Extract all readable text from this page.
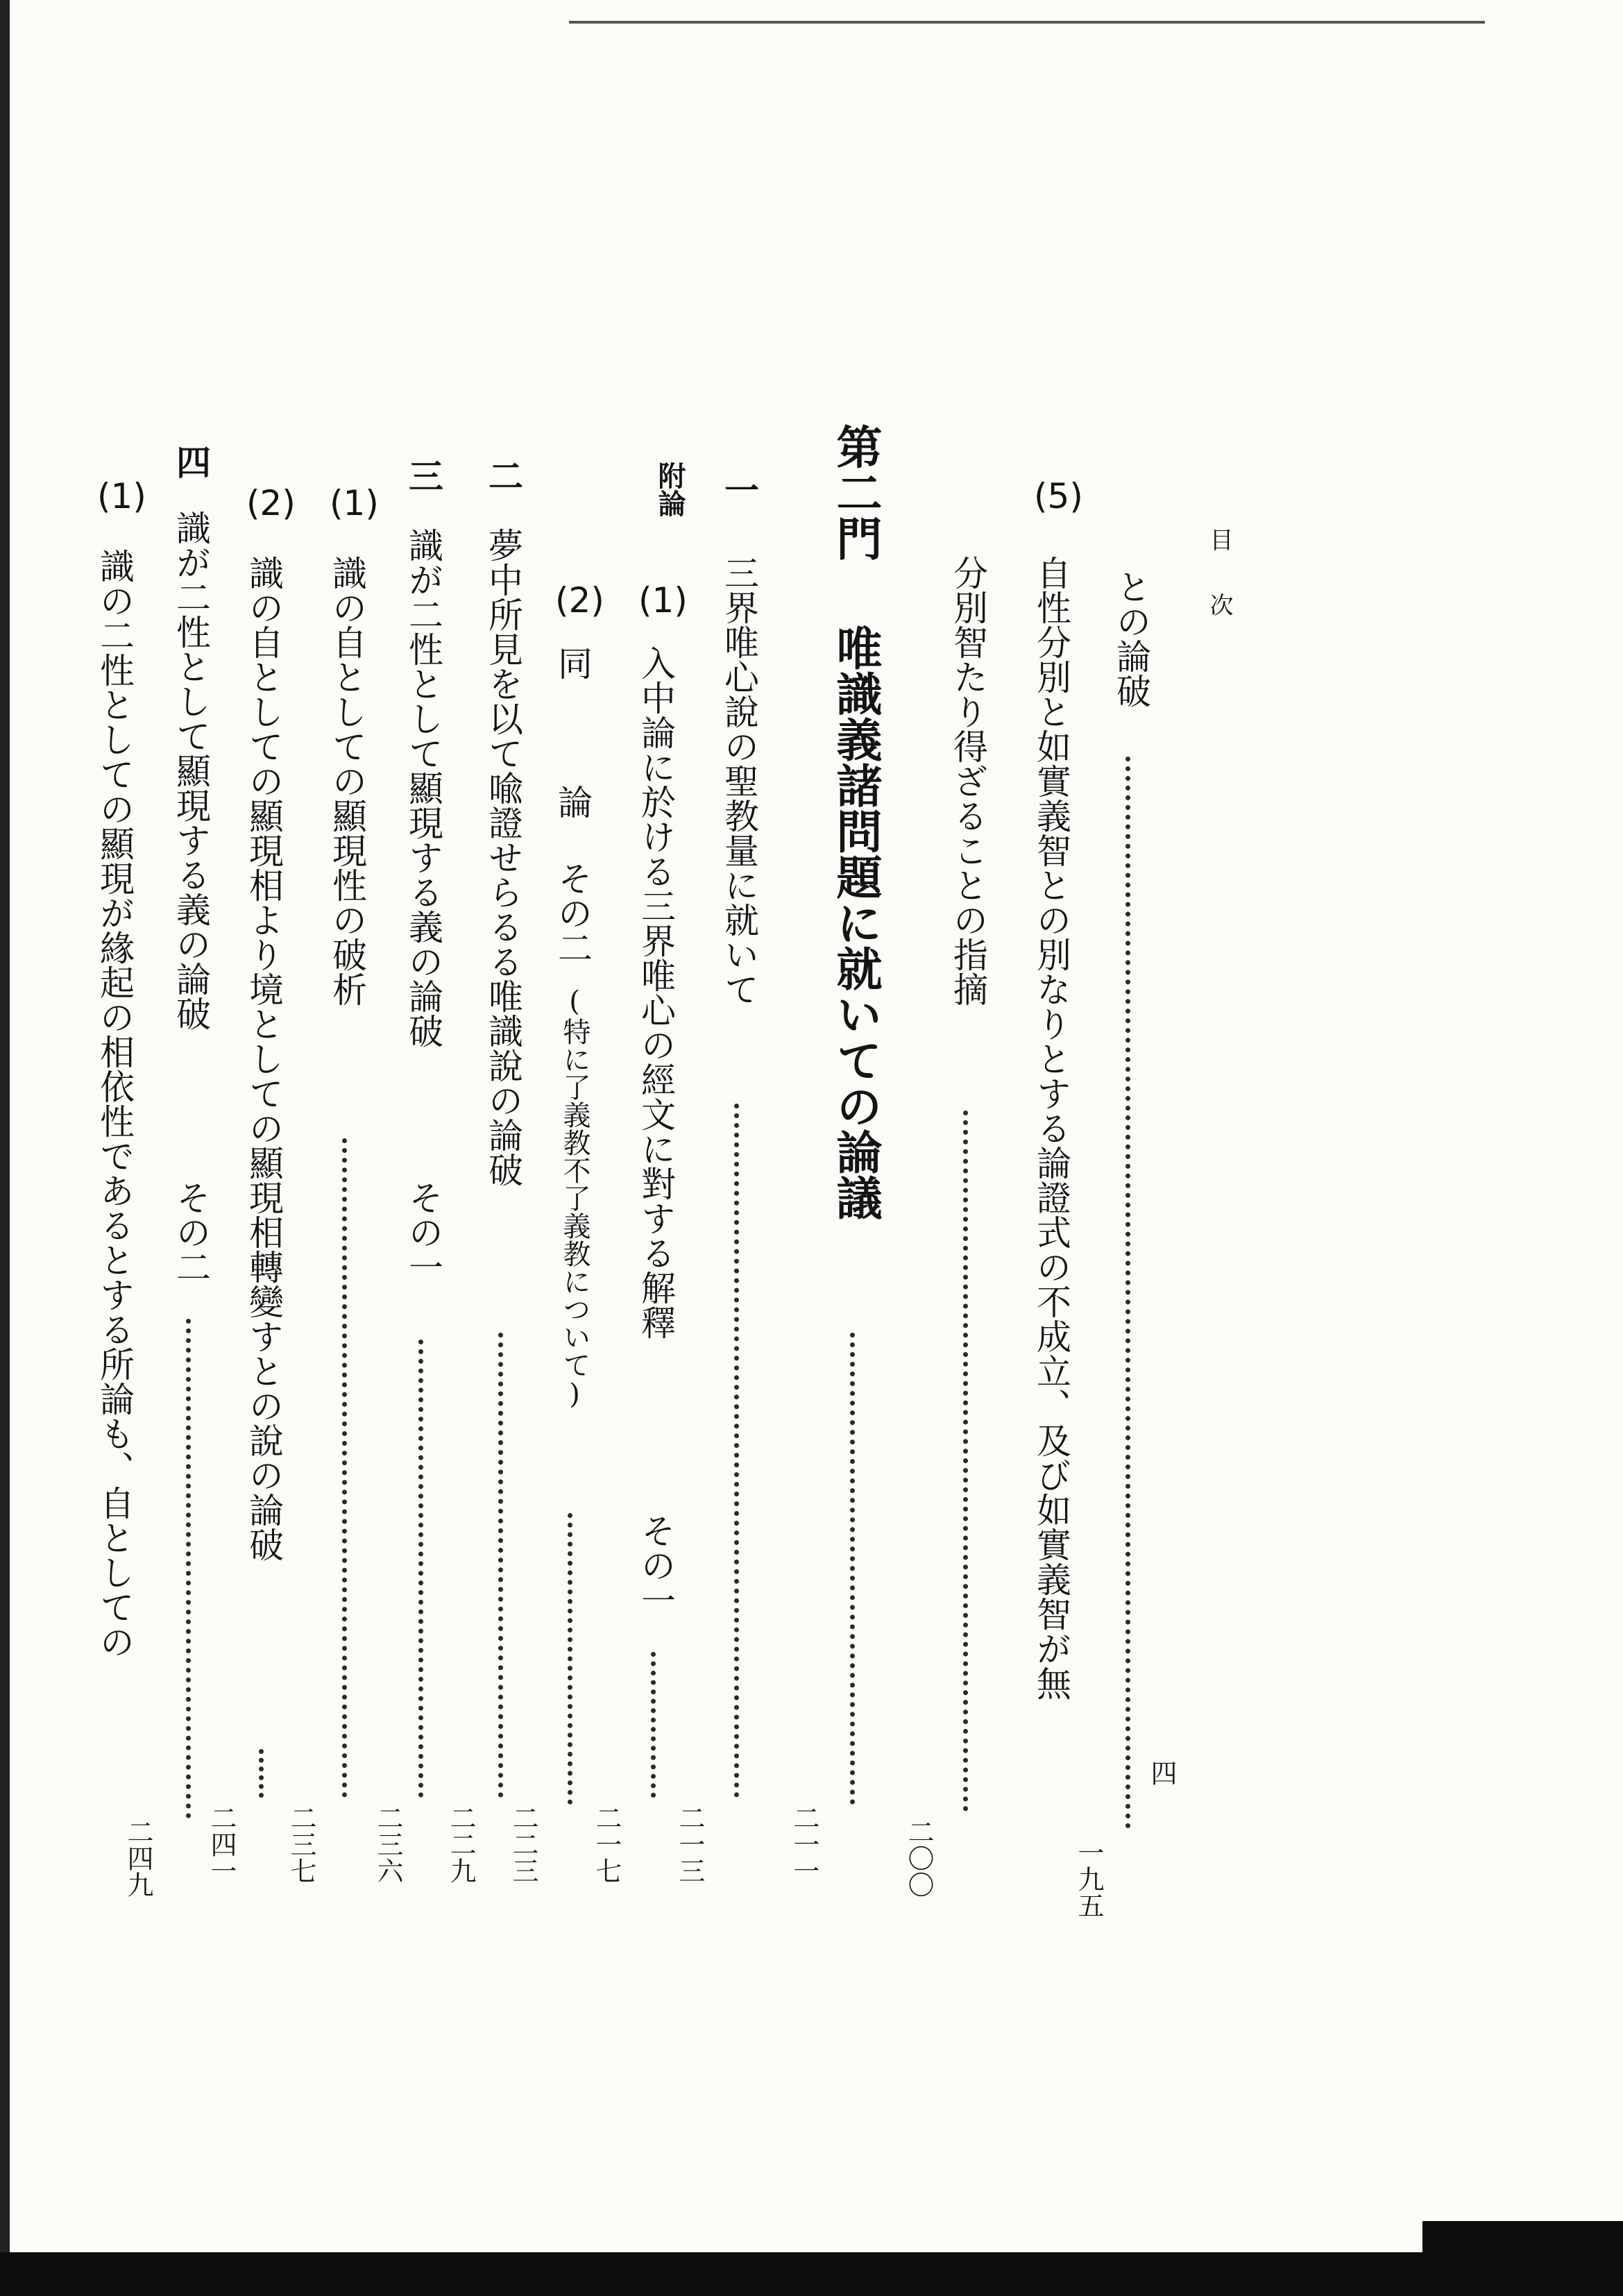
目次
四
との論破
一九五
(5)
自性分別と如實義智との別なりとする論證式の不成立、及び如實義智が無
分別智たり得ざることの指摘
二〇〇
第二門
唯識義諸問題に就いての論議
二一一
一
三界唯心說の聖教量に就いて
二一三
附論
(1)
入中論に於ける三界唯心の經文に對する解釋
その一
二一七
(2)
同
論
その二
(特に了義教不了義教について)
二二三
二
夢中所見を以て喩證せらるる唯識說の論破
二二九
三
識が二性として顯現する義の論破
その一
二三六
(1)
識の自としての顯現性の破析
二三七
(2)
識の自としての顯現相より境としての顯現相轉變すとの說の論破
二四一
四
識が二性として顯現する義の論破
その二
(1)
識の二性としての顯現が緣起の相依性であるとする所論も、自としての
二四九
